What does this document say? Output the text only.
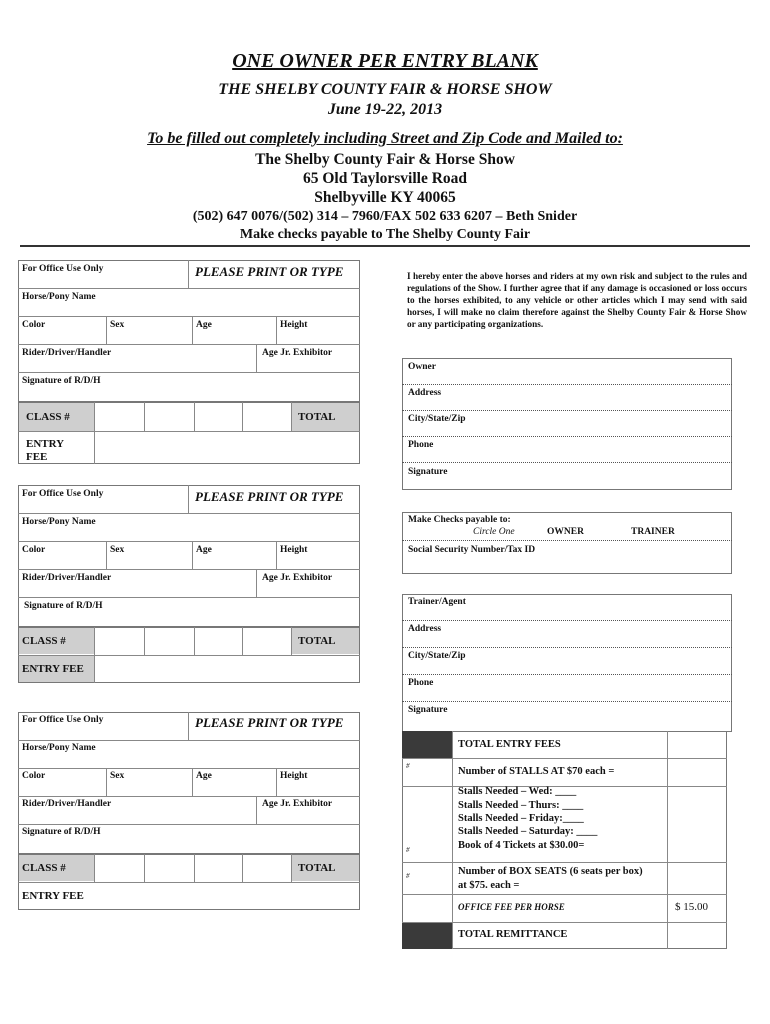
ONE OWNER PER ENTRY BLANK
THE SHELBY COUNTY FAIR & HORSE SHOW
June 19-22, 2013
To be filled out completely including Street and Zip Code and Mailed to:
The Shelby County Fair & Horse Show
65 Old Taylorsville Road
Shelbyville KY 40065
(502) 647 0076/(502) 314 – 7960/FAX 502 633 6207 – Beth Snider
Make checks payable to The Shelby County Fair
For Office Use Only	PLEASE PRINT OR TYPE
Horse/Pony Name
Color	Sex	Age	Height
Rider/Driver/Handler	Age Jr. Exhibitor
Signature of R/D/H
CLASS #	TOTAL
ENTRY
FEE
For Office Use Only	PLEASE PRINT OR TYPE
Horse/Pony Name
Color	Sex	Age	Height
Rider/Driver/Handler	Age Jr. Exhibitor
Signature of R/D/H
CLASS #	TOTAL
ENTRY FEE
For Office Use Only	PLEASE PRINT OR TYPE
Horse/Pony Name
Color	Sex	Age	Height
Rider/Driver/Handler	Age Jr. Exhibitor
Signature of R/D/H
CLASS #	TOTAL
ENTRY FEE
I hereby enter the above horses and riders at my own risk and subject to the rules and regulations of the Show. I further agree that if any damage is occasioned or loss occurs to the horses exhibited, to any vehicle or other articles which I may send with said horses, I will make no claim therefore against the Shelby County Fair & Horse Show or any participating organizations.
Owner
Address
City/State/Zip
Phone
Signature
Make Checks payable to:
Circle One	OWNER	TRAINER
Social Security Number/Tax ID
Trainer/Agent
Address
City/State/Zip
Phone
Signature
TOTAL ENTRY FEES
#	Number of STALLS AT $70 each =
Stalls Needed – Wed: ____
Stalls Needed – Thurs: ____
Stalls Needed – Friday:____
Stalls Needed – Saturday: ____
Book of 4 Tickets at $30.00=
#
#	Number of BOX SEATS (6 seats per box)
at $75. each =
OFFICE FEE PER HORSE	$ 15.00
TOTAL REMITTANCE
